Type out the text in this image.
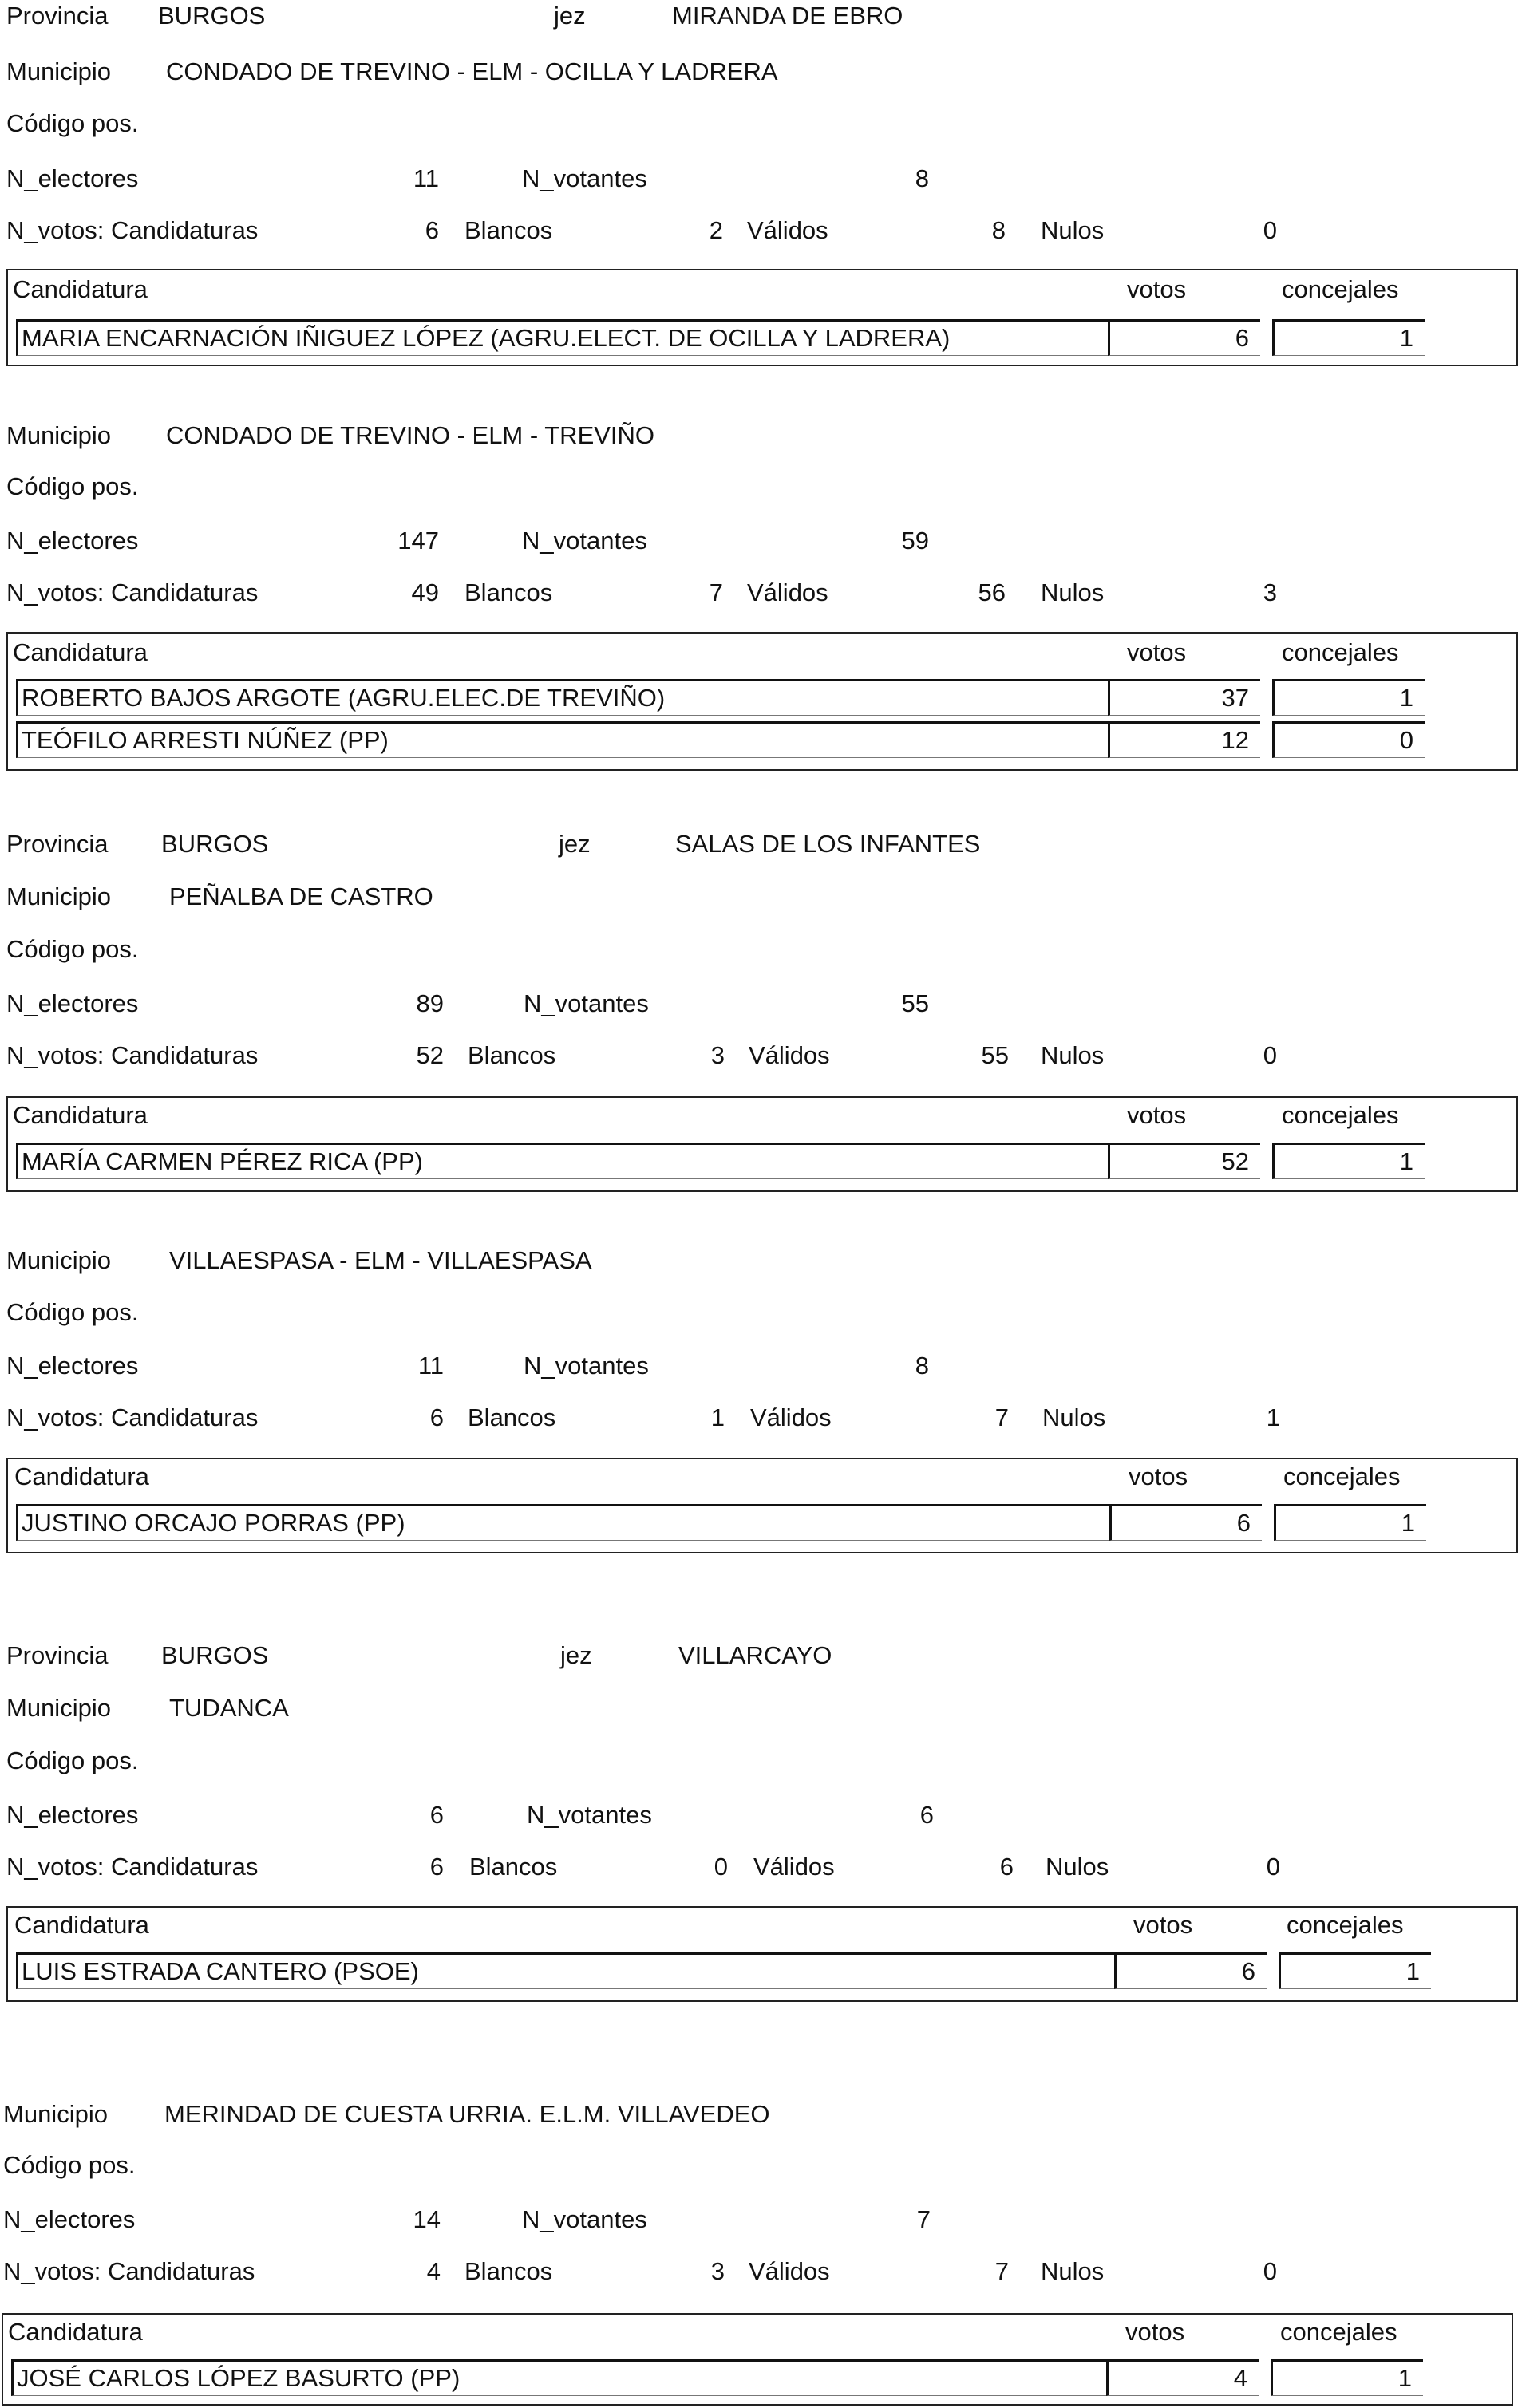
Provincia BURGOS	jez	MIRANDA DE EBRO
Municipio CONDADO DE TREVINO - ELM - OCILLA Y LADRERA
Código pos.
N_electores	11	N_votantes	8
N_votos: Candidaturas	6 Blancos	2 Válidos	8 Nulos	0
Candidatura	votos	concejales
MARIA ENCARNACIÓN IÑIGUEZ LÓPEZ (AGRU.ELECT. DE OCILLA Y LADRERA)	6	1
Municipio CONDADO DE TREVINO - ELM - TREVIÑO
Código pos.
N_electores	147	N_votantes	59
N_votos: Candidaturas	49 Blancos	7 Válidos	56 Nulos	3
Candidatura	votos	concejales
ROBERTO BAJOS ARGOTE (AGRU.ELEC.DE TREVIÑO)	37	1
TEÓFILO ARRESTI NÚÑEZ (PP)	12	0
Provincia BURGOS	jez	SALAS DE LOS INFANTES
Municipio PEÑALBA DE CASTRO
Código pos.
N_electores	89	N_votantes	55
N_votos: Candidaturas	52 Blancos	3 Válidos	55 Nulos	0
Candidatura	votos	concejales
MARÍA CARMEN PÉREZ RICA (PP)	52	1
Municipio VILLAESPASA - ELM - VILLAESPASA
Código pos.
N_electores	11	N_votantes	8
N_votos: Candidaturas	6 Blancos	1 Válidos	7 Nulos	1
Candidatura	votos	concejales
JUSTINO ORCAJO PORRAS (PP)	6	1
Provincia BURGOS	jez	VILLARCAYO
Municipio TUDANCA
Código pos.
N_electores	6	N_votantes	6
N_votos: Candidaturas	6 Blancos	0 Válidos	6 Nulos	0
Candidatura	votos	concejales
LUIS ESTRADA CANTERO (PSOE)	6	1
Municipio MERINDAD DE CUESTA URRIA. E.L.M. VILLAVEDEO
Código pos.
N_electores	14	N_votantes	7
N_votos: Candidaturas	4 Blancos	3 Válidos	7 Nulos	0
Candidatura	votos	concejales
JOSÉ CARLOS LÓPEZ BASURTO (PP)	4	1
